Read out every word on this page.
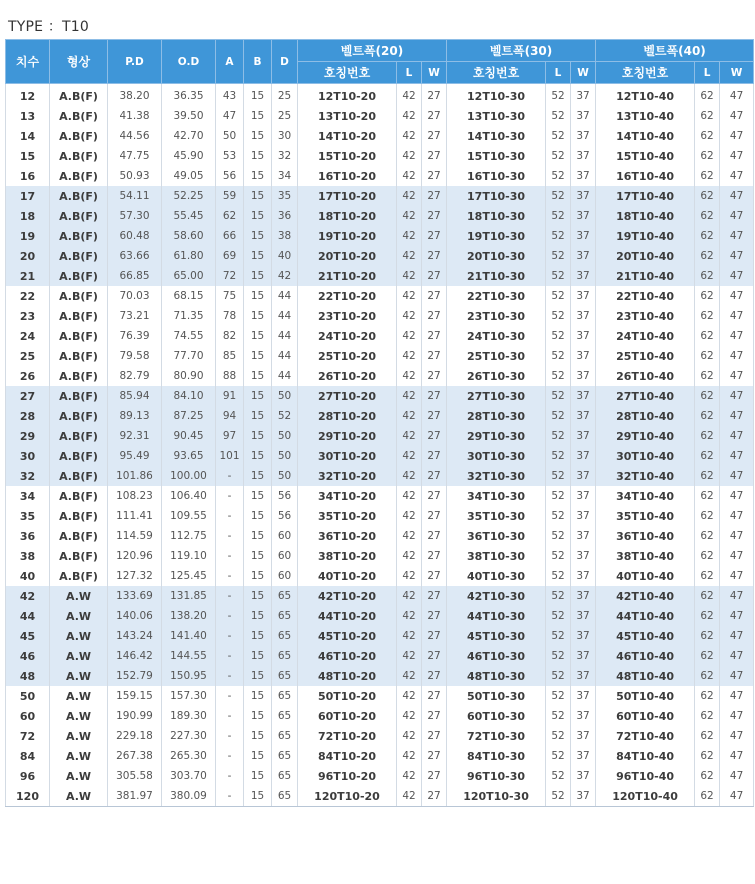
TYPE ：T10
치수	형상	P.D	O.D	A	B	D	벨트폭(20)			벨트폭(30)			벨트폭(40)		
							호칭번호	L	W	호칭번호	L	W	호칭번호	L	W
12	A.B(F)	38.20	36.35	43	15	25	12T10-20	42	27	12T10-30	52	37	12T10-40	62	47
13	A.B(F)	41.38	39.50	47	15	25	13T10-20	42	27	13T10-30	52	37	13T10-40	62	47
14	A.B(F)	44.56	42.70	50	15	30	14T10-20	42	27	14T10-30	52	37	14T10-40	62	47
15	A.B(F)	47.75	45.90	53	15	32	15T10-20	42	27	15T10-30	52	37	15T10-40	62	47
16	A.B(F)	50.93	49.05	56	15	34	16T10-20	42	27	16T10-30	52	37	16T10-40	62	47
17	A.B(F)	54.11	52.25	59	15	35	17T10-20	42	27	17T10-30	52	37	17T10-40	62	47
18	A.B(F)	57.30	55.45	62	15	36	18T10-20	42	27	18T10-30	52	37	18T10-40	62	47
19	A.B(F)	60.48	58.60	66	15	38	19T10-20	42	27	19T10-30	52	37	19T10-40	62	47
20	A.B(F)	63.66	61.80	69	15	40	20T10-20	42	27	20T10-30	52	37	20T10-40	62	47
21	A.B(F)	66.85	65.00	72	15	42	21T10-20	42	27	21T10-30	52	37	21T10-40	62	47
22	A.B(F)	70.03	68.15	75	15	44	22T10-20	42	27	22T10-30	52	37	22T10-40	62	47
23	A.B(F)	73.21	71.35	78	15	44	23T10-20	42	27	23T10-30	52	37	23T10-40	62	47
24	A.B(F)	76.39	74.55	82	15	44	24T10-20	42	27	24T10-30	52	37	24T10-40	62	47
25	A.B(F)	79.58	77.70	85	15	44	25T10-20	42	27	25T10-30	52	37	25T10-40	62	47
26	A.B(F)	82.79	80.90	88	15	44	26T10-20	42	27	26T10-30	52	37	26T10-40	62	47
27	A.B(F)	85.94	84.10	91	15	50	27T10-20	42	27	27T10-30	52	37	27T10-40	62	47
28	A.B(F)	89.13	87.25	94	15	52	28T10-20	42	27	28T10-30	52	37	28T10-40	62	47
29	A.B(F)	92.31	90.45	97	15	50	29T10-20	42	27	29T10-30	52	37	29T10-40	62	47
30	A.B(F)	95.49	93.65	101	15	50	30T10-20	42	27	30T10-30	52	37	30T10-40	62	47
32	A.B(F)	101.86	100.00	-	15	50	32T10-20	42	27	32T10-30	52	37	32T10-40	62	47
34	A.B(F)	108.23	106.40	-	15	56	34T10-20	42	27	34T10-30	52	37	34T10-40	62	47
35	A.B(F)	111.41	109.55	-	15	56	35T10-20	42	27	35T10-30	52	37	35T10-40	62	47
36	A.B(F)	114.59	112.75	-	15	60	36T10-20	42	27	36T10-30	52	37	36T10-40	62	47
38	A.B(F)	120.96	119.10	-	15	60	38T10-20	42	27	38T10-30	52	37	38T10-40	62	47
40	A.B(F)	127.32	125.45	-	15	60	40T10-20	42	27	40T10-30	52	37	40T10-40	62	47
42	A.W	133.69	131.85	-	15	65	42T10-20	42	27	42T10-30	52	37	42T10-40	62	47
44	A.W	140.06	138.20	-	15	65	44T10-20	42	27	44T10-30	52	37	44T10-40	62	47
45	A.W	143.24	141.40	-	15	65	45T10-20	42	27	45T10-30	52	37	45T10-40	62	47
46	A.W	146.42	144.55	-	15	65	46T10-20	42	27	46T10-30	52	37	46T10-40	62	47
48	A.W	152.79	150.95	-	15	65	48T10-20	42	27	48T10-30	52	37	48T10-40	62	47
50	A.W	159.15	157.30	-	15	65	50T10-20	42	27	50T10-30	52	37	50T10-40	62	47
60	A.W	190.99	189.30	-	15	65	60T10-20	42	27	60T10-30	52	37	60T10-40	62	47
72	A.W	229.18	227.30	-	15	65	72T10-20	42	27	72T10-30	52	37	72T10-40	62	47
84	A.W	267.38	265.30	-	15	65	84T10-20	42	27	84T10-30	52	37	84T10-40	62	47
96	A.W	305.58	303.70	-	15	65	96T10-20	42	27	96T10-30	52	37	96T10-40	62	47
120	A.W	381.97	380.09	-	15	65	120T10-20	42	27	120T10-30	52	37	120T10-40	62	47
